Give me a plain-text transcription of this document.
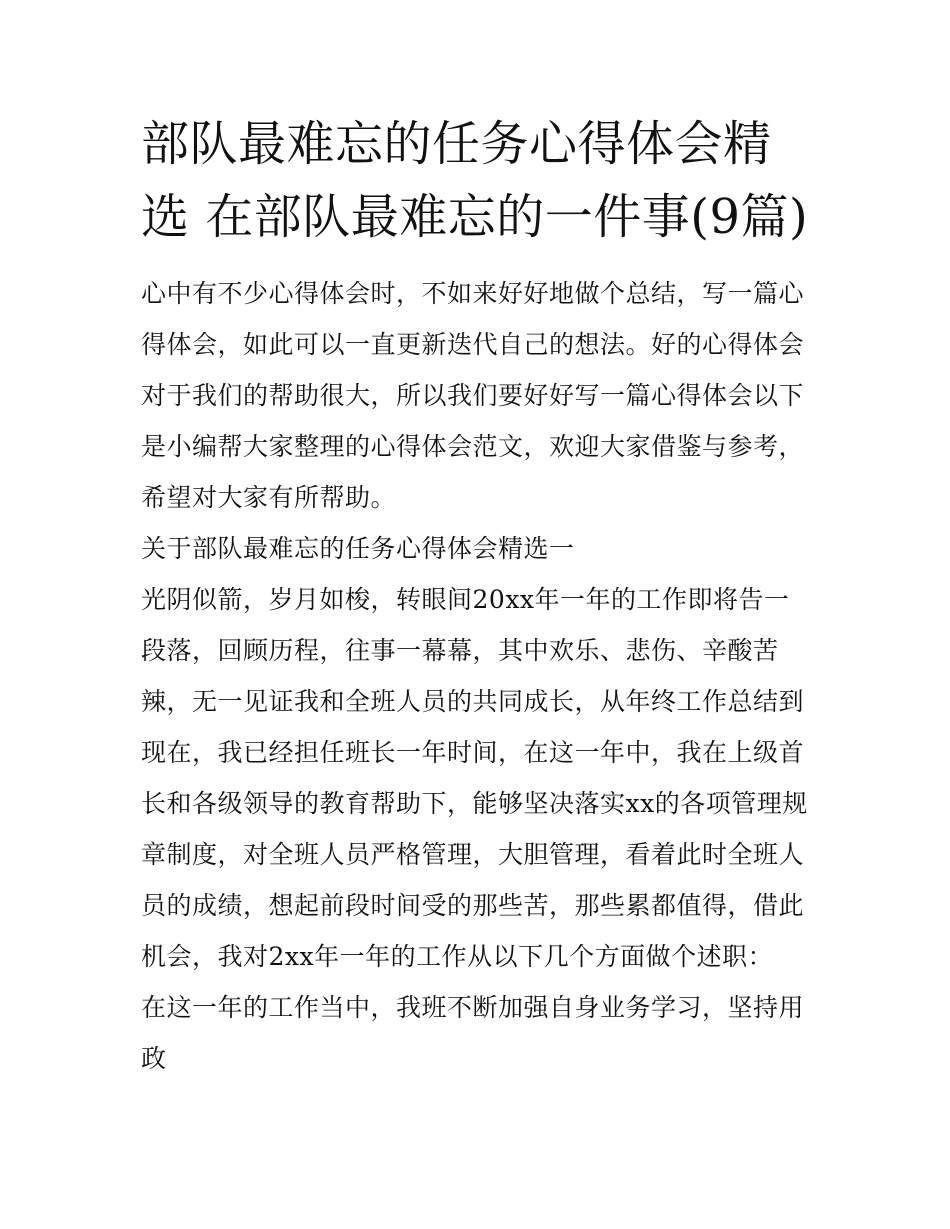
部队最难忘的任务心得体会精选 在部队最难忘的一件事(9篇)

心中有不少心得体会时，不如来好好地做个总结，写一篇心得体会，如此可以一直更新迭代自己的想法。好的心得体会对于我们的帮助很大，所以我们要好好写一篇心得体会以下是小编帮大家整理的心得体会范文，欢迎大家借鉴与参考，希望对大家有所帮助。

关于部队最难忘的任务心得体会精选一

光阴似箭，岁月如梭，转眼间20xx年一年的工作即将告一段落，回顾历程，往事一幕幕，其中欢乐、悲伤、辛酸苦辣，无一见证我和全班人员的共同成长，从年终工作总结到现在，我已经担任班长一年时间，在这一年中，我在上级首长和各级领导的教育帮助下，能够坚决落实xx的各项管理规章制度，对全班人员严格管理，大胆管理，看着此时全班人员的成绩，想起前段时间受的那些苦，那些累都值得，借此机会，我对2xx年一年的工作从以下几个方面做个述职：

在这一年的工作当中，我班不断加强自身业务学习，坚持用政
